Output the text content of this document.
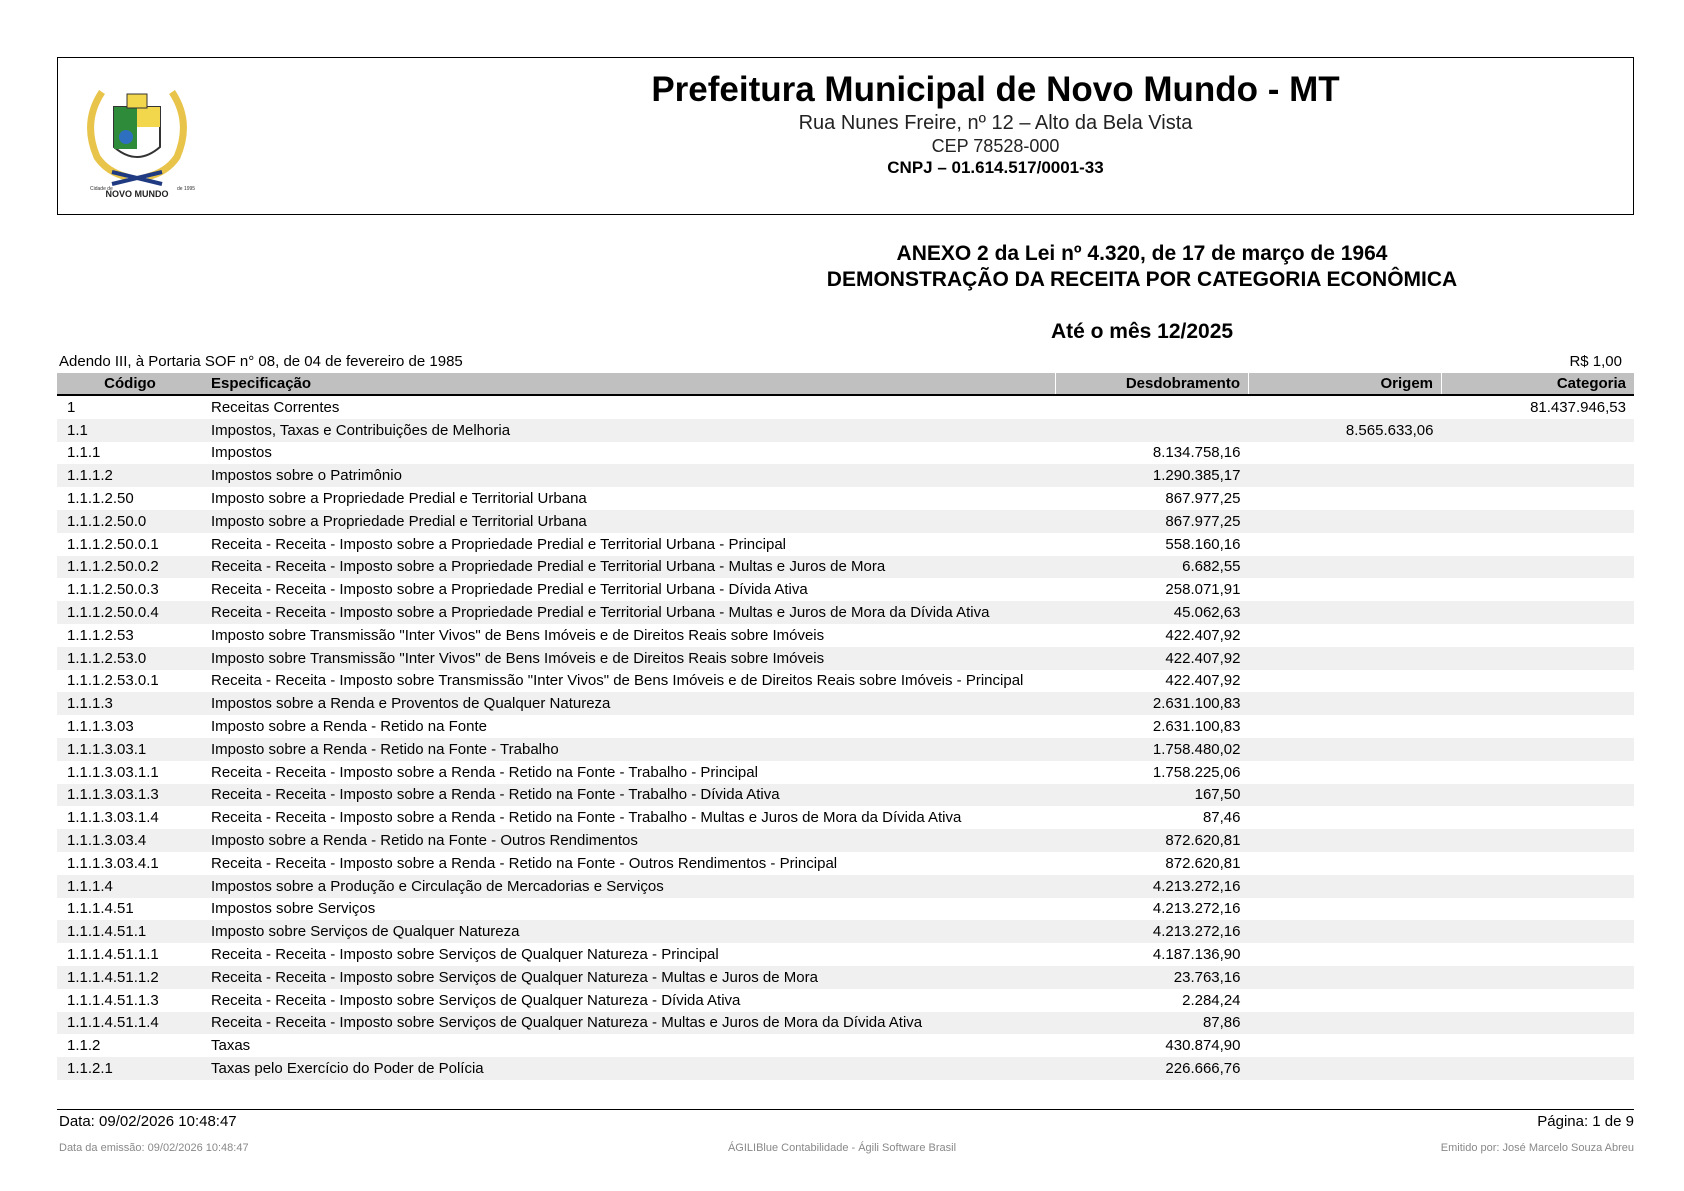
NOVO MUNDO
Cidade de	de 1995
Prefeitura Municipal de Novo Mundo - MT
Rua Nunes Freire, nº 12 – Alto da Bela Vista
CEP 78528-000
CNPJ – 01.614.517/0001-33
ANEXO 2 da Lei nº 4.320, de 17 de março de 1964
DEMONSTRAÇÃO DA RECEITA POR CATEGORIA ECONÔMICA
Até o mês 12/2025
Adendo III, à Portaria SOF n° 08, de 04 de fevereiro de 1985	R$ 1,00
Código	Especificação	Desdobramento	Origem	Categoria
1	Receitas Correntes			81.437.946,53
1.1	Impostos, Taxas e Contribuições de Melhoria		8.565.633,06	
1.1.1	Impostos	8.134.758,16		
1.1.1.2	Impostos sobre o Patrimônio	1.290.385,17		
1.1.1.2.50	Imposto sobre a Propriedade Predial e Territorial Urbana	867.977,25		
1.1.1.2.50.0	Imposto sobre a Propriedade Predial e Territorial Urbana	867.977,25		
1.1.1.2.50.0.1	Receita - Receita - Imposto sobre a Propriedade Predial e Territorial Urbana - Principal	558.160,16		
1.1.1.2.50.0.2	Receita - Receita - Imposto sobre a Propriedade Predial e Territorial Urbana - Multas e Juros de Mora	6.682,55		
1.1.1.2.50.0.3	Receita - Receita - Imposto sobre a Propriedade Predial e Territorial Urbana - Dívida Ativa	258.071,91		
1.1.1.2.50.0.4	Receita - Receita - Imposto sobre a Propriedade Predial e Territorial Urbana - Multas e Juros de Mora da Dívida Ativa	45.062,63		
1.1.1.2.53	Imposto sobre Transmissão "Inter Vivos" de Bens Imóveis e de Direitos Reais sobre Imóveis	422.407,92		
1.1.1.2.53.0	Imposto sobre Transmissão "Inter Vivos" de Bens Imóveis e de Direitos Reais sobre Imóveis	422.407,92		
1.1.1.2.53.0.1	Receita - Receita - Imposto sobre Transmissão "Inter Vivos" de Bens Imóveis e de Direitos Reais sobre Imóveis - Principal	422.407,92		
1.1.1.3	Impostos sobre a Renda e Proventos de Qualquer Natureza	2.631.100,83		
1.1.1.3.03	Imposto sobre a Renda - Retido na Fonte	2.631.100,83		
1.1.1.3.03.1	Imposto sobre a Renda - Retido na Fonte - Trabalho	1.758.480,02		
1.1.1.3.03.1.1	Receita - Receita - Imposto sobre a Renda - Retido na Fonte - Trabalho - Principal	1.758.225,06		
1.1.1.3.03.1.3	Receita - Receita - Imposto sobre a Renda - Retido na Fonte - Trabalho - Dívida Ativa	167,50		
1.1.1.3.03.1.4	Receita - Receita - Imposto sobre a Renda - Retido na Fonte - Trabalho - Multas e Juros de Mora da Dívida Ativa	87,46		
1.1.1.3.03.4	Imposto sobre a Renda - Retido na Fonte - Outros Rendimentos	872.620,81		
1.1.1.3.03.4.1	Receita - Receita - Imposto sobre a Renda - Retido na Fonte - Outros Rendimentos - Principal	872.620,81		
1.1.1.4	Impostos sobre a Produção e Circulação de Mercadorias e Serviços	4.213.272,16		
1.1.1.4.51	Impostos sobre Serviços	4.213.272,16		
1.1.1.4.51.1	Imposto sobre Serviços de Qualquer Natureza	4.213.272,16		
1.1.1.4.51.1.1	Receita - Receita - Imposto sobre Serviços de Qualquer Natureza - Principal	4.187.136,90		
1.1.1.4.51.1.2	Receita - Receita - Imposto sobre Serviços de Qualquer Natureza - Multas e Juros de Mora	23.763,16		
1.1.1.4.51.1.3	Receita - Receita - Imposto sobre Serviços de Qualquer Natureza - Dívida Ativa	2.284,24		
1.1.1.4.51.1.4	Receita - Receita - Imposto sobre Serviços de Qualquer Natureza - Multas e Juros de Mora da Dívida Ativa	87,86		
1.1.2	Taxas	430.874,90		
1.1.2.1	Taxas pelo Exercício do Poder de Polícia	226.666,76		
Data: 09/02/2026 10:48:47	Página: 1 de 9
Data da emissão: 09/02/2026 10:48:47	ÁGILIBlue Contabilidade - Ágili Software Brasil	Emitido por: José Marcelo Souza Abreu
